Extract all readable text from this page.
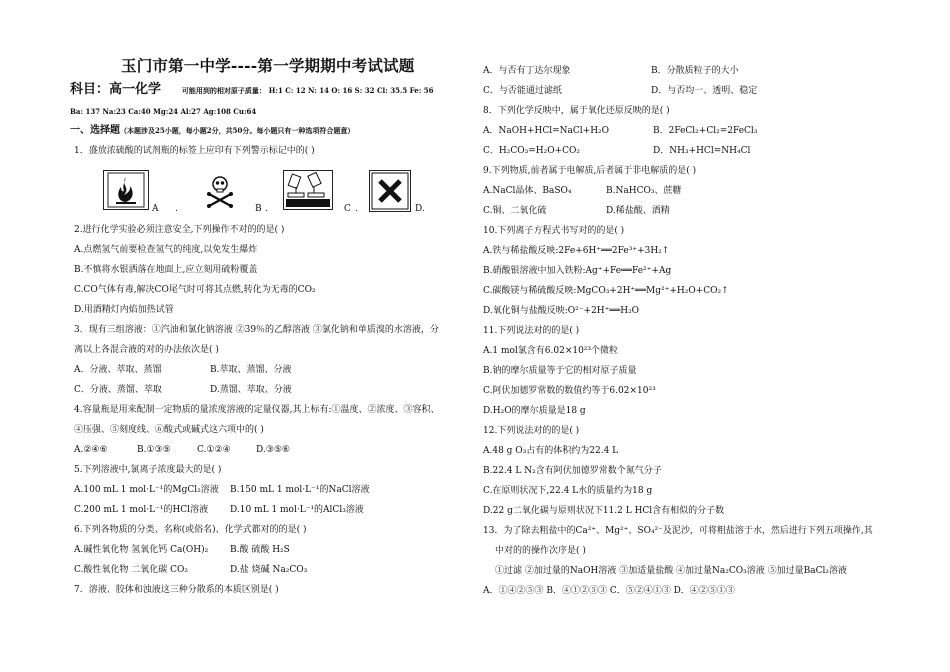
玉门市第一中学----第一学期期中考试试题
科目：高一化学	可能用到的相对原子质量： H:1 C: 12 N: 14 O: 16 S: 32 Cl: 35.5 Fe: 56
Ba: 137 Na:23 Ca:40 Mg:24 Al:27 Ag:108 Cu:64
一、选择题（本题涉及25小题，每小题2分，共50分。每小题只有一种选项符合题意）
1．盛放浓硫酸的试剂瓶的标签上应印有下列警示标记中的( )
A .	B .	C .	D.
2.进行化学实验必须注意安全,下列操作不对的的是( )
A.点燃氢气前要检查氢气的纯度,以免发生爆炸
B.不慎将水银洒落在地面上,应立刻用硫粉覆盖
C.CO气体有毒,解决CO尾气时可将其点燃,转化为无毒的CO₂
D.用酒精灯内焰加热试管
3．现有三组溶液：①汽油和氯化钠溶液 ②39％的乙醇溶液 ③氯化钠和单质溴的水溶液，分
离以上各混合液的对的办法依次是( )
A．分液、萃取、蒸馏	B.萃取、蒸馏、分液
C．分液、蒸馏、萃取	D.蒸馏、萃取、分液
4.容量瓶是用来配制一定物质的量浓度溶液的定量仪器,其上标有:①温度、②浓度、③容积、
④压强、⑤刻度线、⑥酸式或碱式这六项中的( )
A.②④⑥	B.①③⑤	C.①②④	D.③⑤⑥
5.下列溶液中,氯离子浓度最大的是( )
A.100 mL 1 mol·L⁻¹的MgCl₂溶液 B.150 mL 1 mol·L⁻¹的NaCl溶液
C.200 mL 1 mol·L⁻¹的HCl溶液 D.10 mL 1 mol·L⁻¹的AlCl₃溶液
6.下列各物质的分类、名称(或俗名)、化学式都对的的是( )
A.碱性氧化物 氢氧化钙 Ca(OH)₂ B.酸 硫酸 H₂S
C.酸性氧化物 二氧化碳 CO₂	D.盐 烧碱 Na₂CO₃
7．溶液、胶体和浊液这三种分散系的本质区别是( )
A．与否有丁达尔现象	B．分散质粒子的大小
C．与否能通过滤纸	D．与否均一、透明、稳定
8．下列化学反映中，属于氧化还原反映的是( )
A．NaOH+HCl=NaCl+H₂O	B．2FeCl₂+Cl₂=2FeCl₃
C．H₂CO₃=H₂O+CO₂	D．NH₃+HCl=NH₄Cl
9.下列物质,前者属于电解质,后者属于非电解质的是( )
A.NaCl晶体、BaSO₄	B.NaHCO₃、蔗糖
C.铜、二氧化硫	D.稀盐酸、酒精
10.下列离子方程式书写对的的是( )
A.铁与稀盐酸反映:2Fe+6H⁺══2Fe³⁺+3H₂↑
B.硝酸银溶液中加入铁粉:Ag⁺+Fe══Fe²⁺+Ag
C.碳酸镁与稀硫酸反映:MgCO₃+2H⁺══Mg²⁺+H₂O+CO₂↑
D.氧化铜与盐酸反映:O²⁻+2H⁺══H₂O
11.下列说法对的的是( )
A.1 mol氯含有6.02×10²³个微粒
B.钠的摩尔质量等于它的相对原子质量
C.阿伏加德罗常数的数值约等于6.02×10²³
D.H₂O的摩尔质量是18 g
12.下列说法对的的是( )
A.48 g O₃占有的体积约为22.4 L
B.22.4 L N₂含有阿伏加德罗常数个氮气分子
C.在原则状况下,22.4 L水的质量约为18 g
D.22 g二氧化碳与原则状况下11.2 L HCl含有相似的分子数
13．为了除去粗盐中的Ca²⁺、Mg²⁺、SO₄²⁻及泥沙，可将粗盐溶于水，然后进行下列五项操作,其
中对的的操作次序是( )
①过滤 ②加过量的NaOH溶液 ③加适量盐酸 ④加过量Na₂CO₃溶液 ⑤加过量BaCl₂溶液
A．①④②⑤③ B．④①②⑤③ C．⑤②④①③ D．④②⑤①③
